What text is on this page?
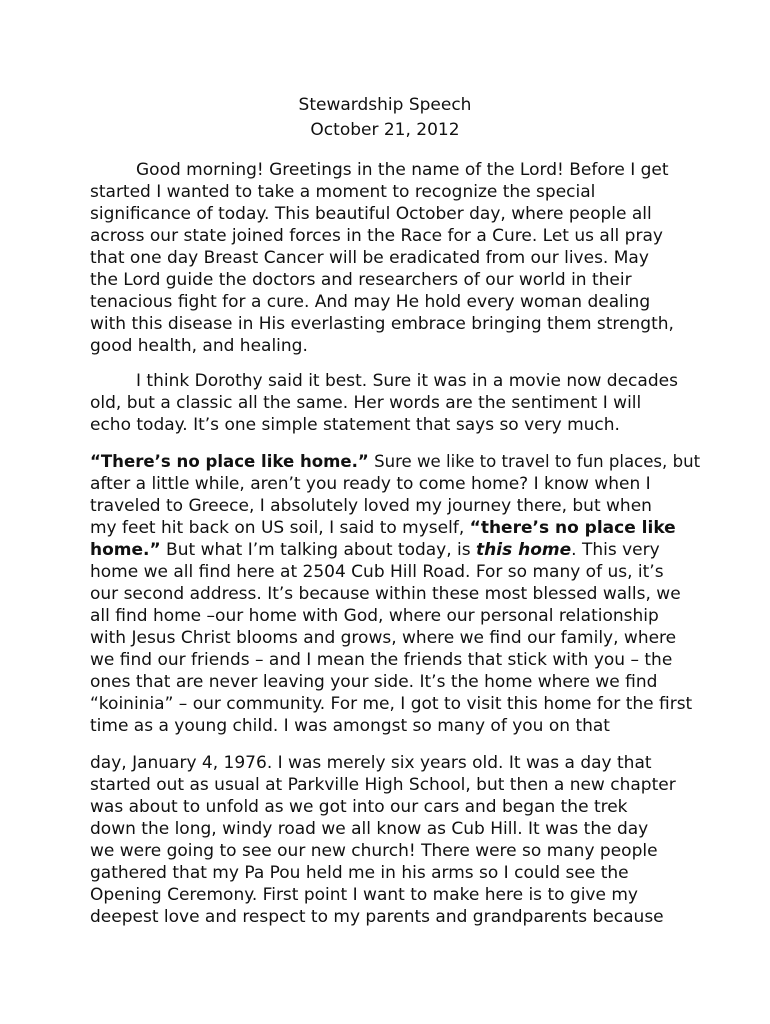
Stewardship Speech
October 21, 2012
Good morning! Greetings in the name of the Lord! Before I get
started I wanted to take a moment to recognize the special
significance of today. This beautiful October day, where people all
across our state joined forces in the Race for a Cure. Let us all pray
that one day Breast Cancer will be eradicated from our lives. May
the Lord guide the doctors and researchers of our world in their
tenacious fight for a cure. And may He hold every woman dealing
with this disease in His everlasting embrace bringing them strength,
good health, and healing.
I think Dorothy said it best. Sure it was in a movie now decades
old, but a classic all the same. Her words are the sentiment I will
echo today. It’s one simple statement that says so very much.
“There’s no place like home.” Sure we like to travel to fun places, but
after a little while, aren’t you ready to come home? I know when I
traveled to Greece, I absolutely loved my journey there, but when
my feet hit back on US soil, I said to myself, “there’s no place like
home.” But what I’m talking about today, is this home. This very
home we all find here at 2504 Cub Hill Road. For so many of us, it’s
our second address. It’s because within these most blessed walls, we
all find home –our home with God, where our personal relationship
with Jesus Christ blooms and grows, where we find our family, where
we find our friends – and I mean the friends that stick with you – the
ones that are never leaving your side. It’s the home where we find
“koininia” – our community. For me, I got to visit this home for the first
time as a young child. I was amongst so many of you on that
day, January 4, 1976. I was merely six years old. It was a day that
started out as usual at Parkville High School, but then a new chapter
was about to unfold as we got into our cars and began the trek
down the long, windy road we all know as Cub Hill. It was the day
we were going to see our new church! There were so many people
gathered that my Pa Pou held me in his arms so I could see the
Opening Ceremony. First point I want to make here is to give my
deepest love and respect to my parents and grandparents because
